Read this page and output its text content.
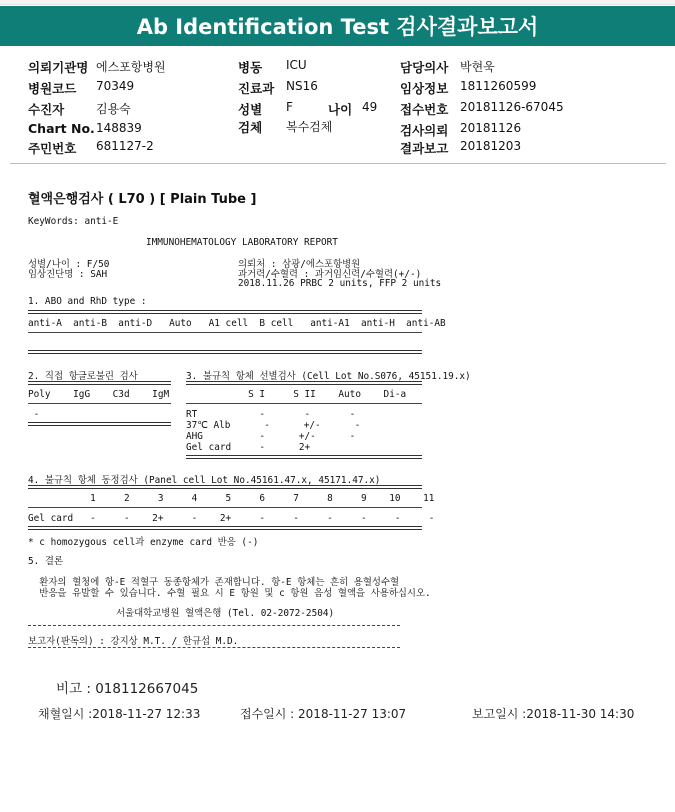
Ab Identification Test 검사결과보고서
의뢰기관명 에스포항병원
병원코드 70349
수진자	김용숙
Chart No. 148839
주민번호 681127-2
병동 ICU
진료과 NS16
성별 F	나이 49
검체 복수검체
담당의사 박현욱
임상정보 1811260599
접수번호 20181126-67045
검사의뢰 20181126
결과보고 20181203
혈액은행검사 ( L70 ) [ Plain Tube ]
KeyWords: anti-E
IMMUNOHEMATOLOGY LABORATORY REPORT
성별/나이 : F/50
임상진단명 : SAH
의뢰처 : 삼광/에스포항병원
과거력/수혈력 : 과거임신력/수혈력(+/-)
2018.11.26 PRBC 2 units, FFP 2 units
1. ABO and RhD type :
anti-A  anti-B  anti-D   Auto   A1 cell  B cell   anti-A1  anti-H  anti-AB
2. 직접 항글로불린 검사
Poly    IgG    C3d    IgM
-
3. 불규칙 항체 선별검사 (Cell Lot No.S076, 45151.19.x)
S I     S II    Auto    Di-a
RT           -       -       -
37℃ Alb      -      +/-      -
AHG          -      +/-      -
Gel card     -      2+
4. 불규칙 항체 동정검사 (Panel cell Lot No.45161.47.x, 45171.47.x)
1     2     3     4     5     6     7     8     9    10    11
Gel card   -     -    2+     -    2+     -     -     -     -     -     -
* c homozygous cell과 enzyme card 반응 (-)
5. 결론
환자의 혈청에 항-E 적혈구 동종항체가 존재합니다. 항-E 항체는 흔히 용혈성수혈
반응을 유발할 수 있습니다. 수혈 필요 시 E 항원 및 c 항원 음성 혈액을 사용하십시오.
서울대학교병원 혈액은행 (Tel. 02-2072-2504)
보고자(판독의) : 강지상 M.T. / 한규섭 M.D.
비고 : 018112667045
채혈일시 :2018-11-27 12:33	접수일시 : 2018-11-27 13:07	보고일시 :2018-11-30 14:30
